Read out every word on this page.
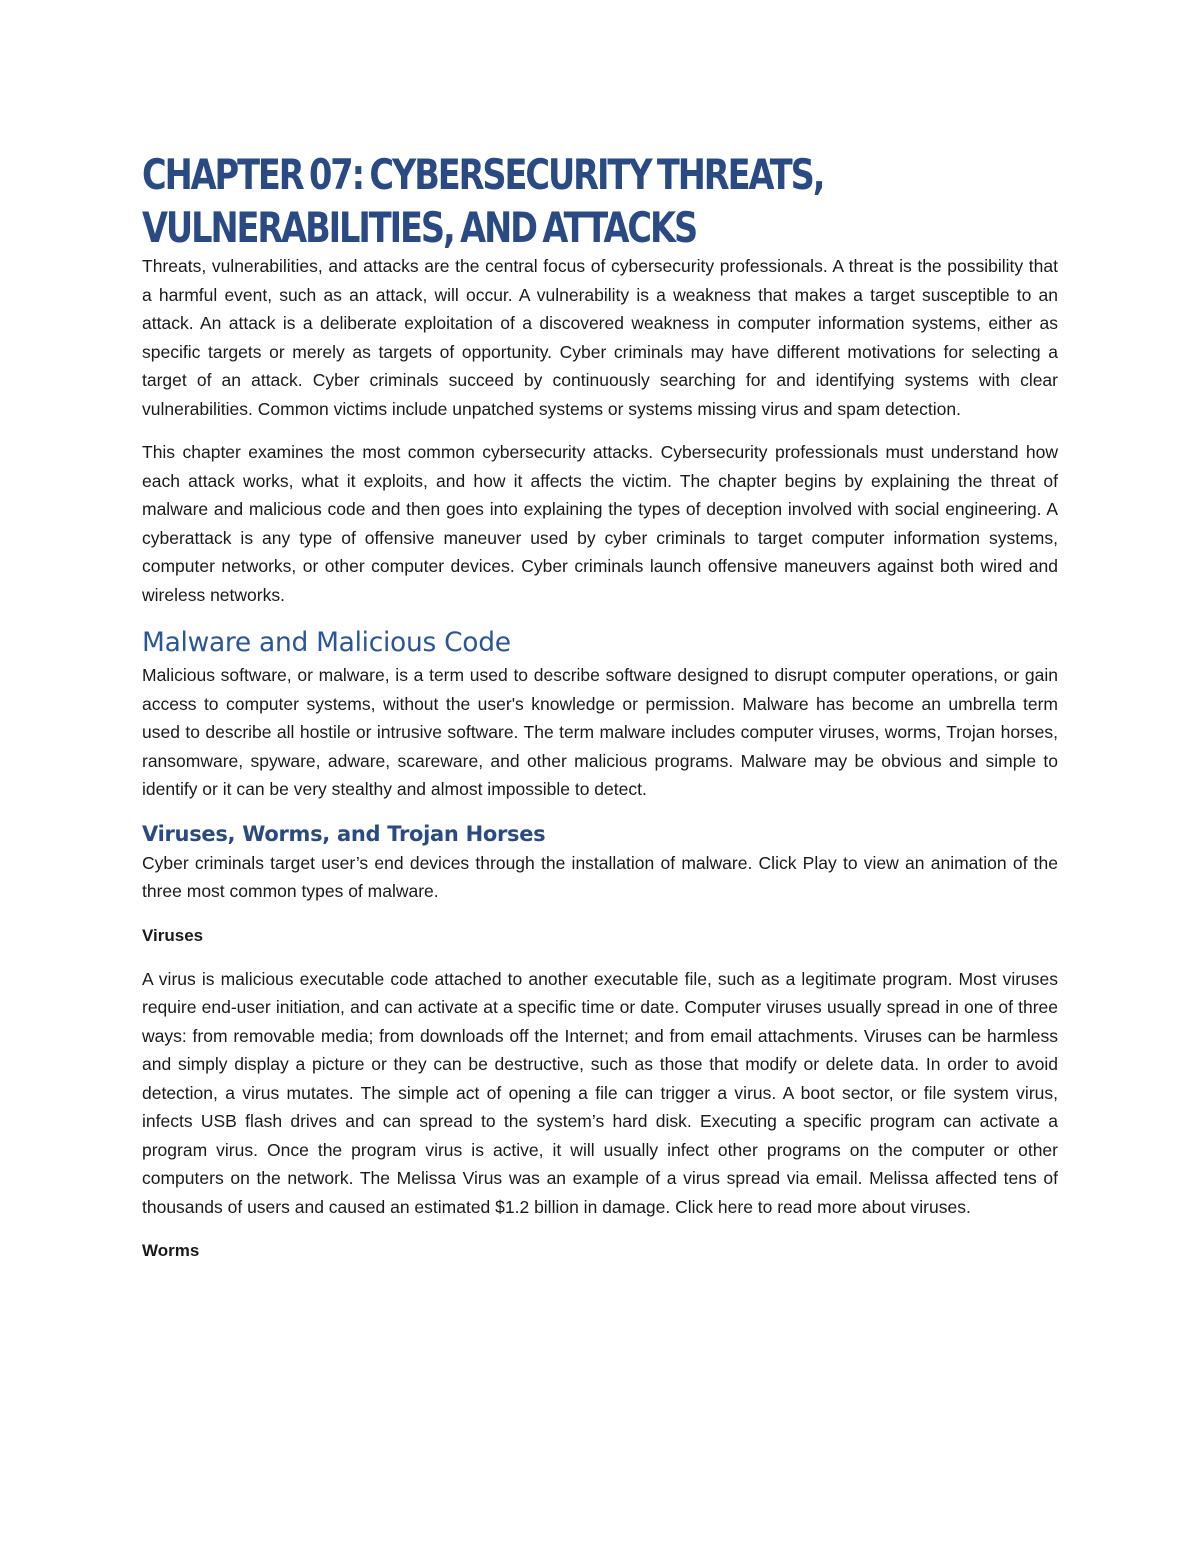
CHAPTER 07: CYBERSECURITY THREATS,
VULNERABILITIES, AND ATTACKS

Threats, vulnerabilities, and attacks are the central focus of cybersecurity professionals. A threat is the possibility that a harmful event, such as an attack, will occur. A vulnerability is a weakness that makes a target susceptible to an attack. An attack is a deliberate exploitation of a discovered weakness in computer information systems, either as specific targets or merely as targets of opportunity. Cyber criminals may have different motivations for selecting a target of an attack. Cyber criminals succeed by continuously searching for and identifying systems with clear vulnerabilities. Common victims include unpatched systems or systems missing virus and spam detection.

This chapter examines the most common cybersecurity attacks. Cybersecurity professionals must understand how each attack works, what it exploits, and how it affects the victim. The chapter begins by explaining the threat of malware and malicious code and then goes into explaining the types of deception involved with social engineering. A cyberattack is any type of offensive maneuver used by cyber criminals to target computer information systems, computer networks, or other computer devices. Cyber criminals launch offensive maneuvers against both wired and wireless networks.

Malware and Malicious Code

Malicious software, or malware, is a term used to describe software designed to disrupt computer operations, or gain access to computer systems, without the user's knowledge or permission. Malware has become an umbrella term used to describe all hostile or intrusive software. The term malware includes computer viruses, worms, Trojan horses, ransomware, spyware, adware, scareware, and other malicious programs. Malware may be obvious and simple to identify or it can be very stealthy and almost impossible to detect.

Viruses, Worms, and Trojan Horses

Cyber criminals target user’s end devices through the installation of malware. Click Play to view an animation of the three most common types of malware.

Viruses

A virus is malicious executable code attached to another executable file, such as a legitimate program. Most viruses require end-user initiation, and can activate at a specific time or date. Computer viruses usually spread in one of three ways: from removable media; from downloads off the Internet; and from email attachments. Viruses can be harmless and simply display a picture or they can be destructive, such as those that modify or delete data. In order to avoid detection, a virus mutates. The simple act of opening a file can trigger a virus. A boot sector, or file system virus, infects USB flash drives and can spread to the system’s hard disk. Executing a specific program can activate a program virus. Once the program virus is active, it will usually infect other programs on the computer or other computers on the network. The Melissa Virus was an example of a virus spread via email. Melissa affected tens of thousands of users and caused an estimated $1.2 billion in damage. Click here to read more about viruses.

Worms
